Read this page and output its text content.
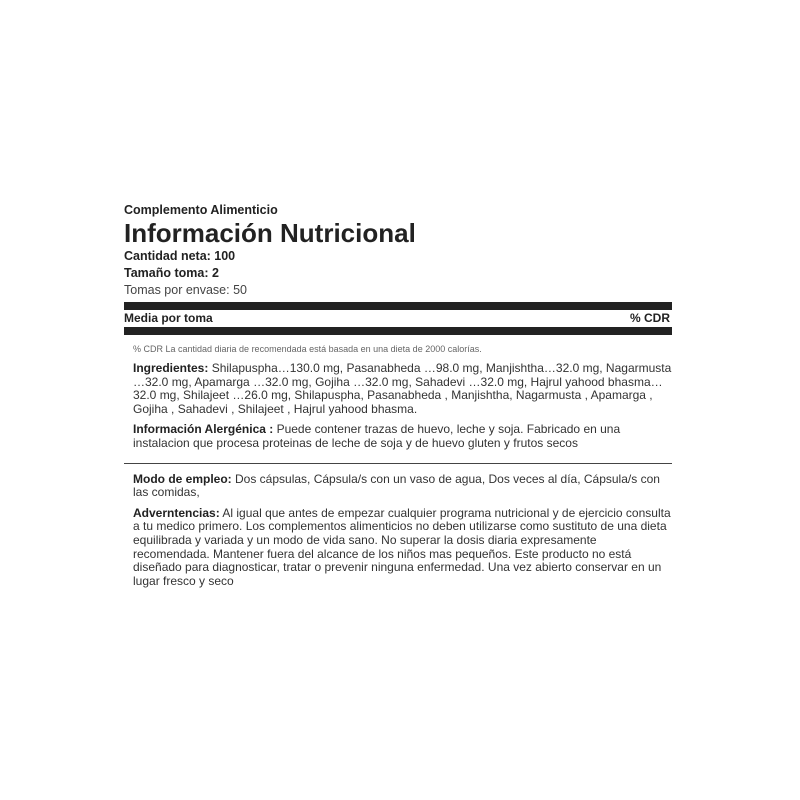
Complemento Alimenticio
Información Nutricional
Cantidad neta: 100
Tamaño toma: 2
Tomas por envase: 50
Media por toma	% CDR
% CDR La cantidad diaria de recomendada está basada en una dieta de 2000 calorías.
Ingredientes: Shilapuspha…130.0 mg, Pasanabheda …98.0 mg, Manjishtha…32.0 mg, Nagarmusta …32.0 mg, Apamarga …32.0 mg, Gojiha …32.0 mg, Sahadevi …32.0 mg, Hajrul yahood bhasma…32.0 mg, Shilajeet …26.0 mg, Shilapuspha, Pasanabheda , Manjishtha, Nagarmusta , Apamarga , Gojiha , Sahadevi , Shilajeet , Hajrul yahood bhasma.
Información Alergénica : Puede contener trazas de huevo, leche y soja. Fabricado en una instalacion que procesa proteinas de leche de soja y de huevo gluten y frutos secos
Modo de empleo: Dos cápsulas, Cápsula/s con un vaso de agua, Dos veces al día, Cápsula/s con las comidas,
Adverntencias: Al igual que antes de empezar cualquier programa nutricional y de ejercicio consulta a tu medico primero. Los complementos alimenticios no deben utilizarse como sustituto de una dieta equilibrada y variada y un modo de vida sano. No superar la dosis diaria expresamente recomendada. Mantener fuera del alcance de los niños mas pequeños. Este producto no está diseñado para diagnosticar, tratar o prevenir ninguna enfermedad. Una vez abierto conservar en un lugar fresco y seco
